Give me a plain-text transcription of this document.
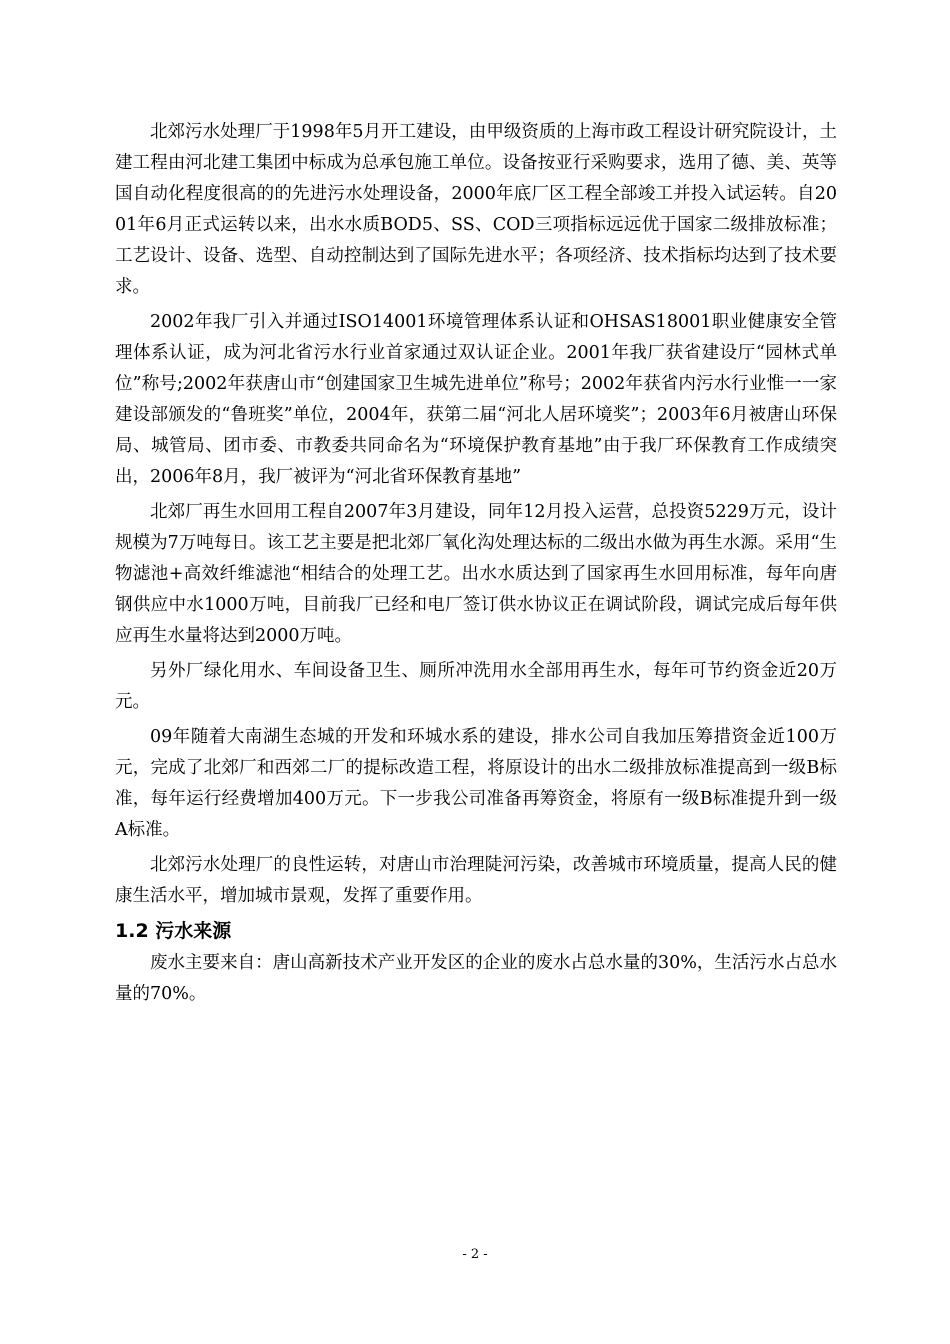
北郊污水处理厂于1998年5月开工建设，由甲级资质的上海市政工程设计研究院设计，土建工程由河北建工集团中标成为总承包施工单位。设备按亚行采购要求，选用了德、美、英等国自动化程度很高的的先进污水处理设备，2000年底厂区工程全部竣工并投入试运转。自2001年6月正式运转以来，出水水质BOD5、SS、COD三项指标远远优于国家二级排放标准；工艺设计、设备、选型、自动控制达到了国际先进水平；各项经济、技术指标均达到了技术要求。

2002年我厂引入并通过ISO14001环境管理体系认证和OHSAS18001职业健康安全管理体系认证，成为河北省污水行业首家通过双认证企业。2001年我厂获省建设厅“园林式单位”称号;2002年获唐山市“创建国家卫生城先进单位”称号；2002年获省内污水行业惟一一家建设部颁发的“鲁班奖”单位，2004年，获第二届“河北人居环境奖”；2003年6月被唐山环保局、城管局、团市委、市教委共同命名为“环境保护教育基地”由于我厂环保教育工作成绩突出，2006年8月，我厂被评为“河北省环保教育基地”

北郊厂再生水回用工程自2007年3月建设，同年12月投入运营，总投资5229万元，设计规模为7万吨每日。该工艺主要是把北郊厂氧化沟处理达标的二级出水做为再生水源。采用“生物滤池+高效纤维滤池“相结合的处理工艺。出水水质达到了国家再生水回用标准，每年向唐钢供应中水1000万吨，目前我厂已经和电厂签订供水协议正在调试阶段，调试完成后每年供应再生水量将达到2000万吨。

另外厂绿化用水、车间设备卫生、厕所冲洗用水全部用再生水，每年可节约资金近20万元。

09年随着大南湖生态城的开发和环城水系的建设，排水公司自我加压筹措资金近100万元，完成了北郊厂和西郊二厂的提标改造工程，将原设计的出水二级排放标准提高到一级B标准，每年运行经费增加400万元。下一步我公司准备再筹资金，将原有一级B标准提升到一级A标准。

北郊污水处理厂的良性运转，对唐山市治理陡河污染，改善城市环境质量，提高人民的健康生活水平，增加城市景观，发挥了重要作用。

1.2 污水来源

废水主要来自：唐山高新技术产业开发区的企业的废水占总水量的30%，生活污水占总水量的70%。

- 2 -
